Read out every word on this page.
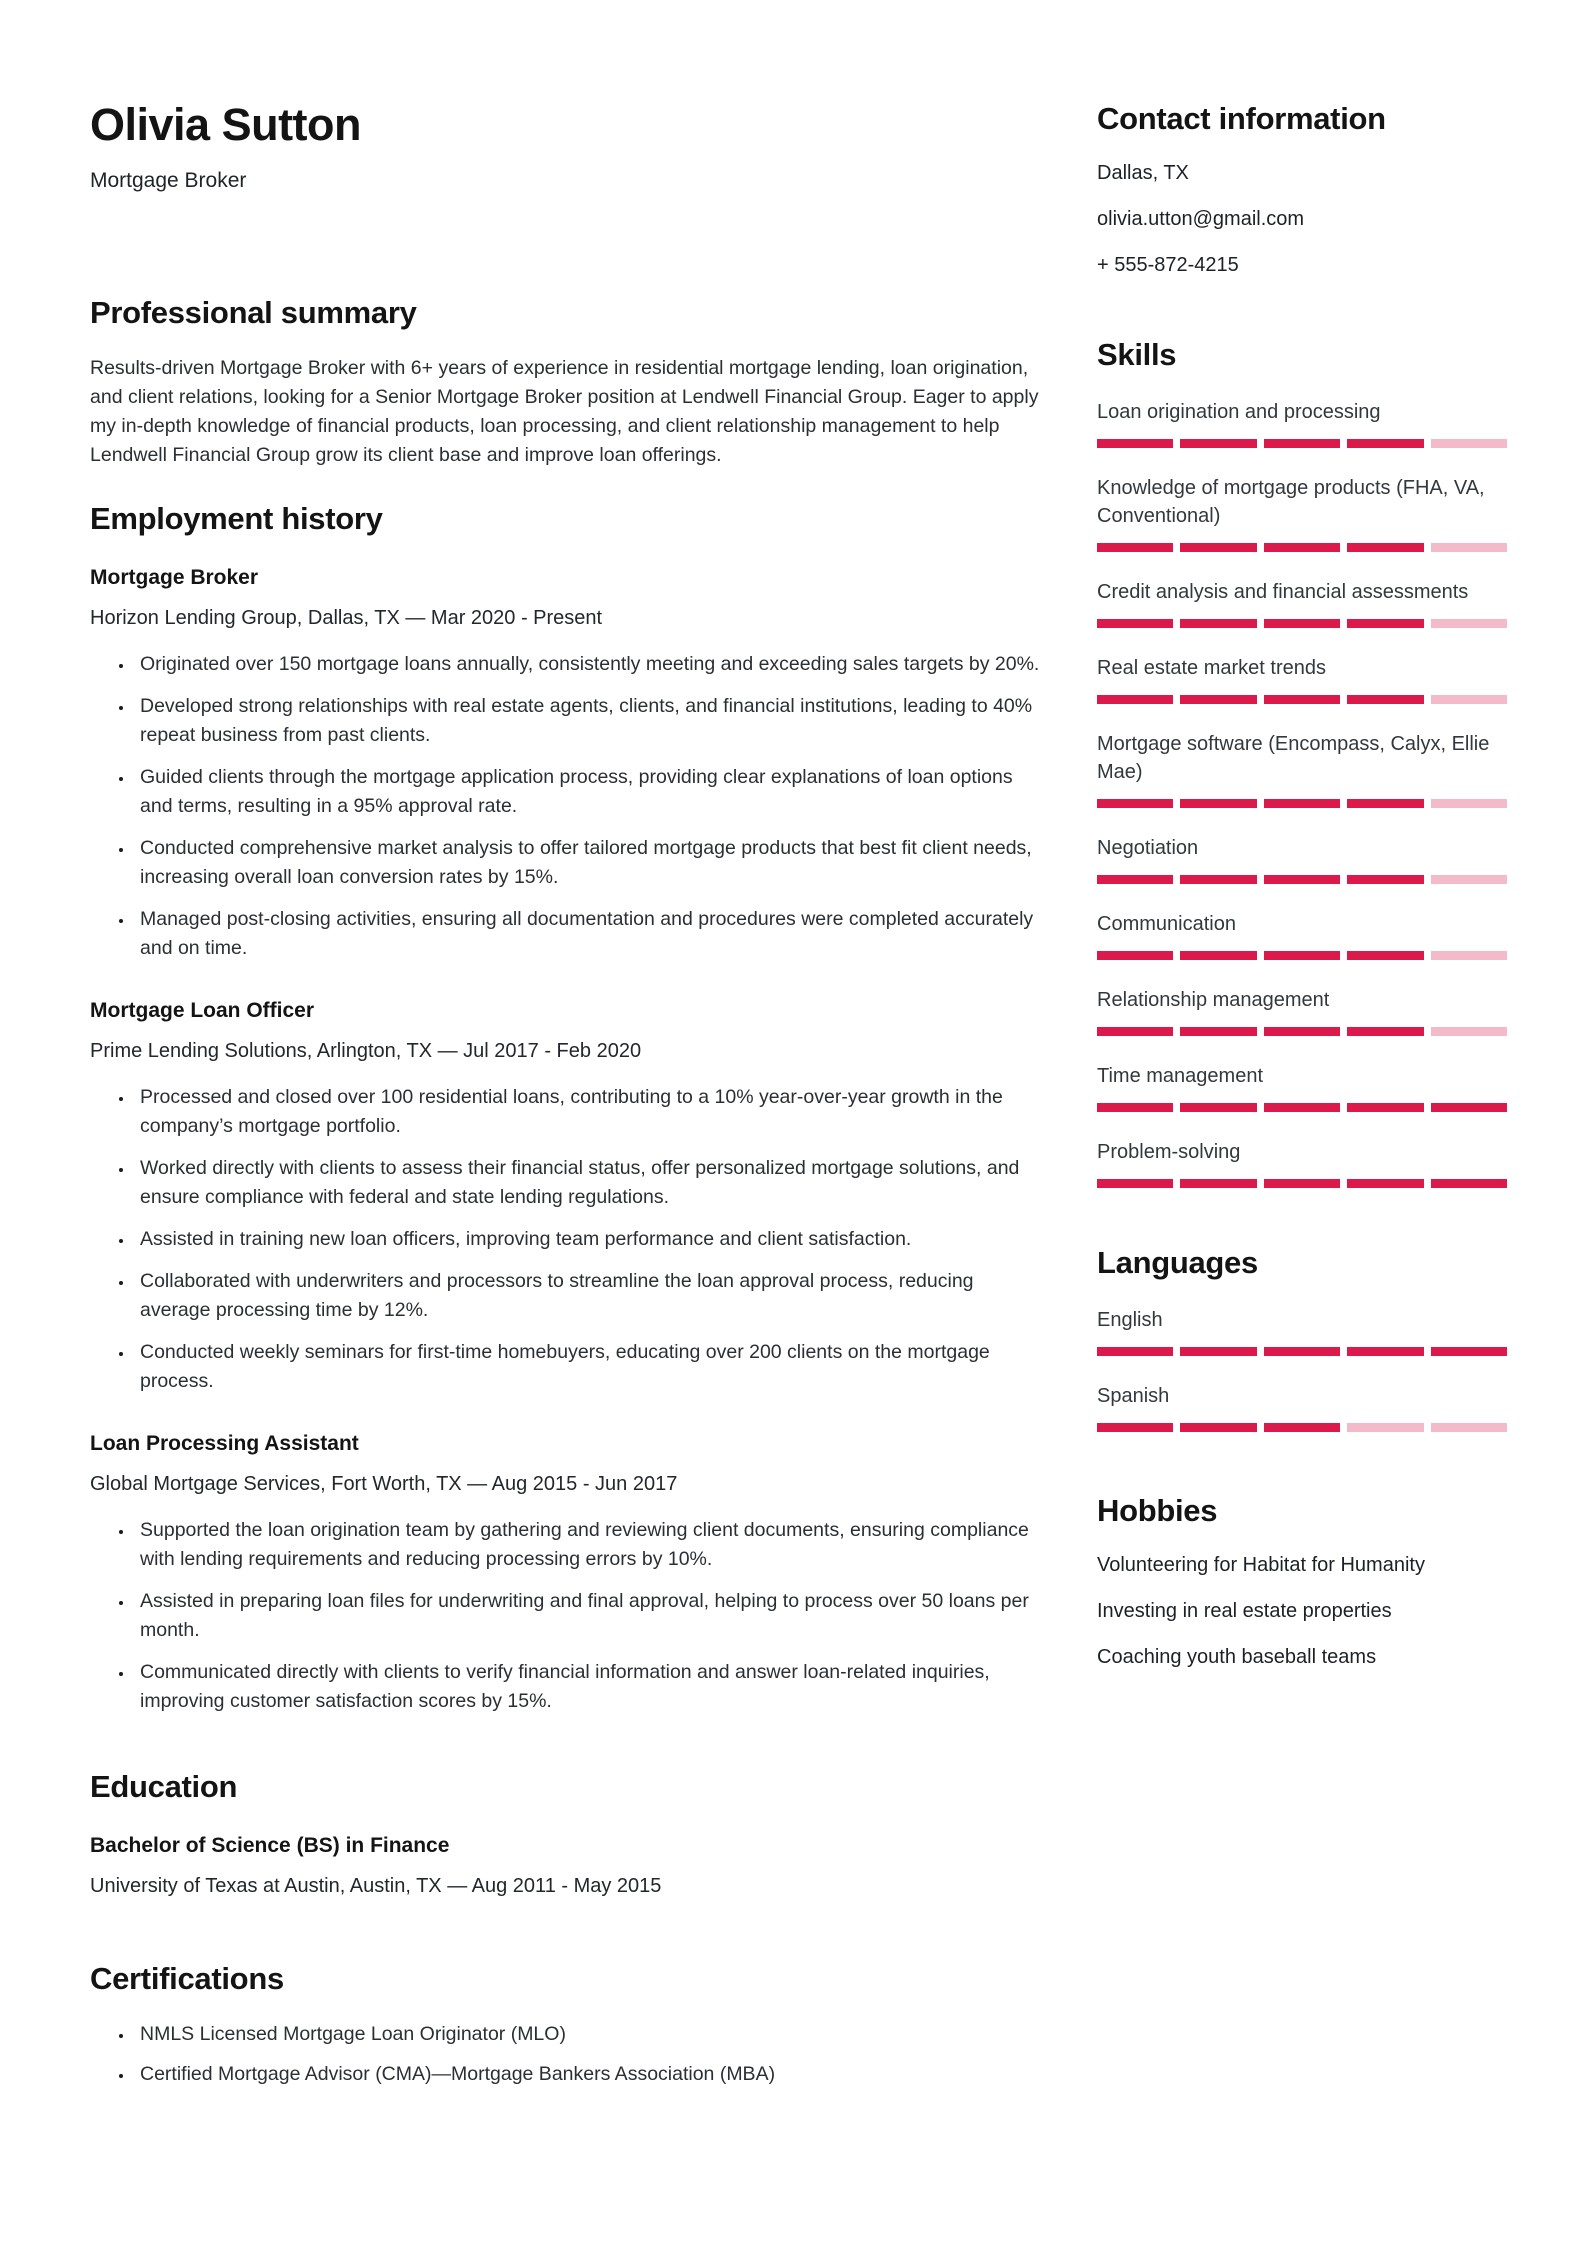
Olivia Sutton
Mortgage Broker
Professional summary

Results-driven Mortgage Broker with 6+ years of experience in residential mortgage lending, loan origination, and client relations, looking for a Senior Mortgage Broker position at Lendwell Financial Group. Eager to apply my in-depth knowledge of financial products, loan processing, and client relationship management to help Lendwell Financial Group grow its client base and improve loan offerings.

Employment history
Mortgage Broker

Horizon Lending Group, Dallas, TX — Mar 2020 - Present

• Originated over 150 mortgage loans annually, consistently meeting and exceeding sales targets by 20%.
• Developed strong relationships with real estate agents, clients, and financial institutions, leading to 40% repeat business from past clients.
• Guided clients through the mortgage application process, providing clear explanations of loan options and terms, resulting in a 95% approval rate.
• Conducted comprehensive market analysis to offer tailored mortgage products that best fit client needs, increasing overall loan conversion rates by 15%.
• Managed post-closing activities, ensuring all documentation and procedures were completed accurately and on time.
Mortgage Loan Officer

Prime Lending Solutions, Arlington, TX — Jul 2017 - Feb 2020

• Processed and closed over 100 residential loans, contributing to a 10% year-over-year growth in the company’s mortgage portfolio.
• Worked directly with clients to assess their financial status, offer personalized mortgage solutions, and ensure compliance with federal and state lending regulations.
• Assisted in training new loan officers, improving team performance and client satisfaction.
• Collaborated with underwriters and processors to streamline the loan approval process, reducing average processing time by 12%.
• Conducted weekly seminars for first-time homebuyers, educating over 200 clients on the mortgage process.
Loan Processing Assistant

Global Mortgage Services, Fort Worth, TX — Aug 2015 - Jun 2017

• Supported the loan origination team by gathering and reviewing client documents, ensuring compliance with lending requirements and reducing processing errors by 10%.
• Assisted in preparing loan files for underwriting and final approval, helping to process over 50 loans per month.
• Communicated directly with clients to verify financial information and answer loan-related inquiries, improving customer satisfaction scores by 15%.
Education
Bachelor of Science (BS) in Finance

University of Texas at Austin, Austin, TX — Aug 2011 - May 2015

Certifications
• NMLS Licensed Mortgage Loan Originator (MLO)
• Certified Mortgage Advisor (CMA)—Mortgage Bankers Association (MBA)
Contact information

Dallas, TX

olivia.utton@gmail.com

+ 555-872-4215

Skills
Loan origination and processing
Knowledge of mortgage products (FHA, VA, Conventional)
Credit analysis and financial assessments
Real estate market trends
Mortgage software (Encompass, Calyx, Ellie Mae)
Negotiation
Communication
Relationship management
Time management
Problem-solving
Languages
English
Spanish
Hobbies

Volunteering for Habitat for Humanity

Investing in real estate properties

Coaching youth baseball teams
